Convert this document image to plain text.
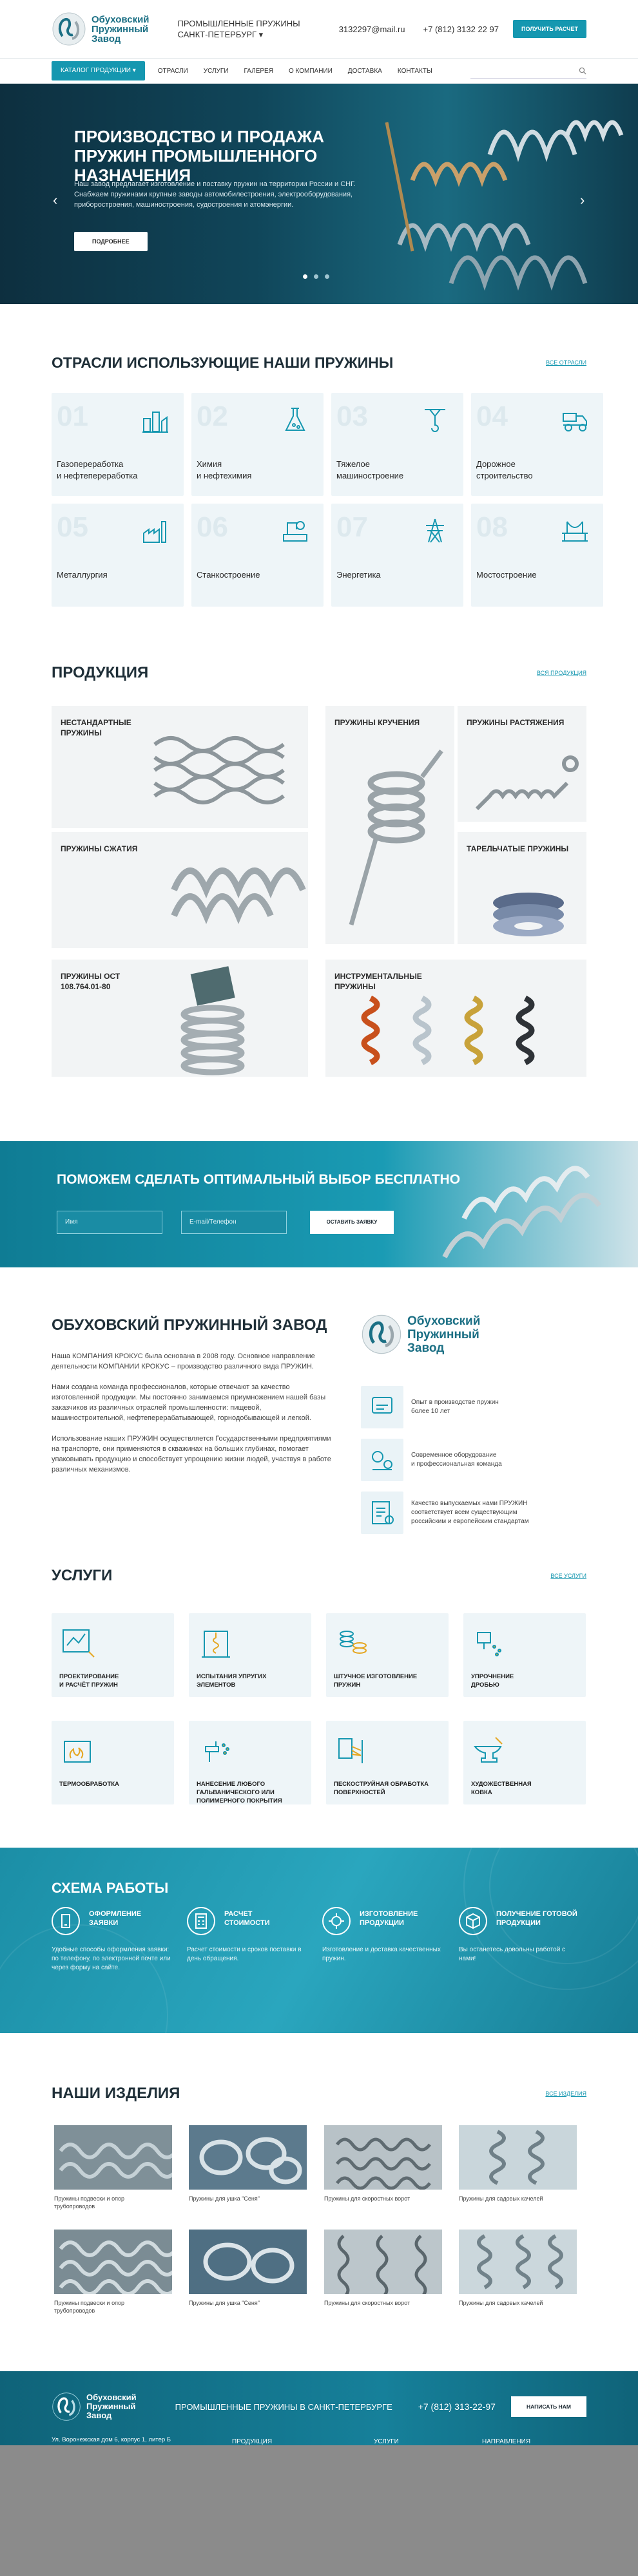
Обуховский
Пружинный
Завод
ПРОМЫШЛЕННЫЕ ПРУЖИНЫ
САНКТ-ПЕТЕРБУРГ ▾
3132297@mail.ru +7 (812) 3132 22 97	ПОЛУЧИТЬ РАСЧЕТ
КАТАЛОГ ПРОДУКЦИИ ▾	ОТРАСЛИ УСЛУГИ ГАЛЕРЕЯ О КОМПАНИИ ДОСТАВКА КОНТАКТЫ
‹	›
ПРОИЗВОДСТВО И ПРОДАЖА ПРУЖИН ПРОМЫШЛЕННОГО НАЗНАЧЕНИЯ
Наш завод предлагает изготовление и поставку пружин на территории России и СНГ. Снабжаем пружинами крупные заводы автомобилестроения, электрооборудования, приборостроения, машиностроения, судостроения и атомэнергии.
ПОДРОБНЕЕ
ОТРАСЛИ ИСПОЛЬЗУЮЩИЕ НАШИ ПРУЖИНЫ	ВСЕ ОТРАСЛИ
01
Газопереработка
и нефтепереработка
02
Химия
и нефтехимия
03
Тяжелое
машиностроение
04
Дорожное
строительство
05
Металлургия
06
Станкостроение
07
Энергетика
08
Мостостроение
ПРОДУКЦИЯ	ВСЯ ПРОДУКЦИЯ
НЕСТАНДАРТНЫЕ
ПРУЖИНЫ
ПРУЖИНЫ КРУЧЕНИЯ	ПРУЖИНЫ РАСТЯЖЕНИЯ
ПРУЖИНЫ СЖАТИЯ	ТАРЕЛЬЧАТЫЕ ПРУЖИНЫ
ПРУЖИНЫ ОСТ
108.764.01-80
ИНСТРУМЕНТАЛЬНЫЕ
ПРУЖИНЫ
ПОМОЖЕМ СДЕЛАТЬ ОПТИМАЛЬНЫЙ ВЫБОР БЕСПЛАТНО
Имя	E-mail/Телефон	ОСТАВИТЬ ЗАЯВКУ
ОБУХОВСКИЙ ПРУЖИННЫЙ ЗАВОД

Наша КОМПАНИЯ КРОКУС была основана в 2008 году. Основное направление деятельности КОМПАНИИ КРОКУС – производство различного вида ПРУЖИН.

Нами создана команда профессионалов, которые отвечают за качество изготовленной продукции. Мы постоянно занимаемся приумножением нашей базы заказчиков из различных отраслей промышленности: пищевой, машиностроительной, нефтеперерабатывающей, горнодобывающей и легкой.

Использование наших ПРУЖИН осуществляется Государственными предприятиями на транспорте, они применяются в скважинах на больших глубинах, помогает упаковывать продукцию и способствует упрощению жизни людей, участвуя в работе различных механизмов.

Обуховский
Пружинный
Завод
Опыт в производстве пружин
более 10 лет
Современное оборудование
и профессиональная команда
Качество выпускаемых нами ПРУЖИН
соответствует всем существующим
российским и европейским стандартам
УСЛУГИ	ВСЕ УСЛУГИ
ПРОЕКТИРОВАНИЕ
И РАСЧЁТ ПРУЖИН
ИСПЫТАНИЯ УПРУГИХ
ЭЛЕМЕНТОВ
ШТУЧНОЕ ИЗГОТОВЛЕНИЕ
ПРУЖИН
УПРОЧНЕНИЕ
ДРОБЬЮ
ТЕРМООБРАБОТКА	НАНЕСЕНИЕ ЛЮБОГО
ГАЛЬВАНИЧЕСКОГО ИЛИ
ПОЛИМЕРНОГО ПОКРЫТИЯ
ПЕСКОСТРУЙНАЯ ОБРАБОТКА
ПОВЕРХНОСТЕЙ
ХУДОЖЕСТВЕННАЯ
КОВКА
СХЕМА РАБОТЫ
ОФОРМЛЕНИЕ
ЗАЯВКИ
Удобные способы оформления заявки: по телефону, по электронной почте или через форму на сайте.
РАСЧЕТ
СТОИМОСТИ
Расчет стоимости и сроков поставки в день обращения.
ИЗГОТОВЛЕНИЕ
ПРОДУКЦИИ
Изготовление и доставка качественных пружин.
ПОЛУЧЕНИЕ ГОТОВОЙ
ПРОДУКЦИИ
Вы останетесь довольны работой с нами!
НАШИ ИЗДЕЛИЯ	ВСЕ ИЗДЕЛИЯ
Пружины подвески и опор
трубопроводов
Пружины для ушка "Сеня"	Пружины для скоростных ворот	Пружины для садовых качелей
Пружины подвески и опор
трубопроводов
Пружины для ушка "Сеня"	Пружины для скоростных ворот	Пружины для садовых качелей
Обуховский
Пружинный
Завод
ПРОМЫШЛЕННЫЕ ПРУЖИНЫ В САНКТ-ПЕТЕРБУРГЕ	+7 (812) 313-22-97	НАПИСАТЬ НАМ
Ул. Воронежская дом 6, корпус 1, литер Б	ПРОДУКЦИЯ	УСЛУГИ	НАПРАВЛЕНИЯ
